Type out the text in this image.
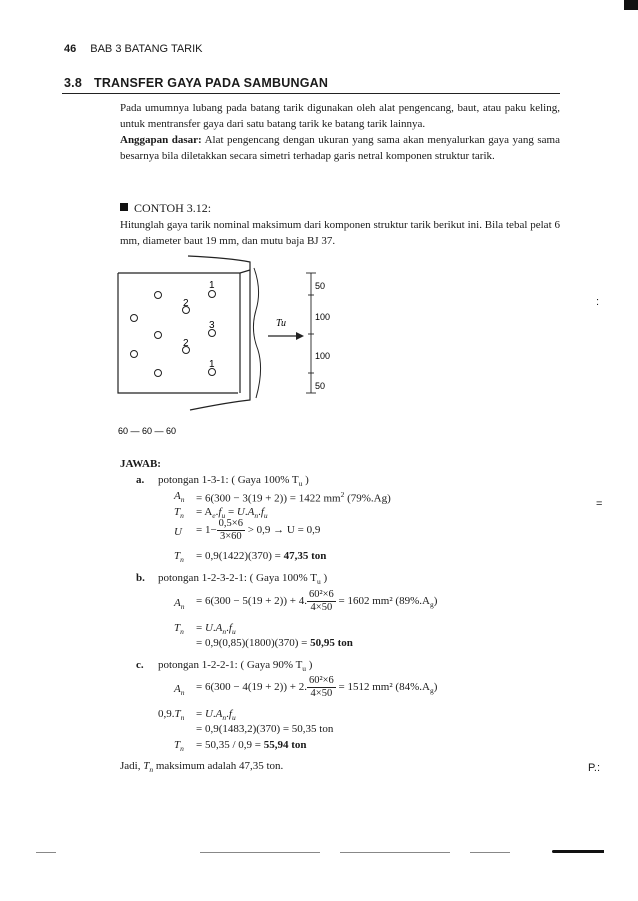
46 BAB 3 BATANG TARIK
3.8 TRANSFER GAYA PADA SAMBUNGAN
Pada umumnya lubang pada batang tarik digunakan oleh alat pengencang, baut, atau paku keling, untuk mentransfer gaya dari satu batang tarik ke batang tarik lainnya.
Anggapan dasar: Alat pengencang dengan ukuran yang sama akan menyalurkan gaya yang sama besarnya bila diletakkan secara simetri terhadap garis netral komponen struktur tarik.
CONTOH 3.12:
Hitunglah gaya tarik nominal maksimum dari komponen struktur tarik berikut ini. Bila tebal pelat 6 mm, diameter baut 19 mm, dan mutu baja BJ 37.
1
2
3
2
1
Tu
50
100
100
50
60 — 60 — 60
JAWAB:
a. potongan 1-3-1: ( Gaya 100% $T_u$ )
$A_n = 6(300 - 3(19 + 2)) = 1422$ $mm^2$ (79%.Ag)
$T_n = A_e.f_u = U.A_n.f_u$
$U = 1- \frac{0,5\times 6}{3\times 60} > 0,9 \to U = 0,9$
$T_n = 0,9(1422)(370) = 47,35$ ton
b. potongan 1-2-3-2-1: ( Gaya 100% $T_u$ )
$A_n = 6(300 - 5(19 + 2)) + 4$. $\frac{\text{60²×6}}{4\times 50} = 1602$ mm² $(89\%.A_g)$
$T_n = U.A_n.f_u$
= 0,9(0,85)(1800)(370) = 50,95 ton
c. potongan 1-2-2-1: ( Gaya 90% $T_u$ )
$A_n = 6(300 - 4(19 + 2)) + 2$. $\frac{\text{60²×6}}{4\times 50} = 1512$ mm² $(84\%.A_g)$
$0,9.T_n = U.A_n.f_u$
= 0,9(1483,2)(370) = 50,35 ton
$T_n = 50,35 / 0,9 = 55,94$ ton
Jadi, $T_n$ maksimum adalah 47,35 ton.
:
=
P.:
